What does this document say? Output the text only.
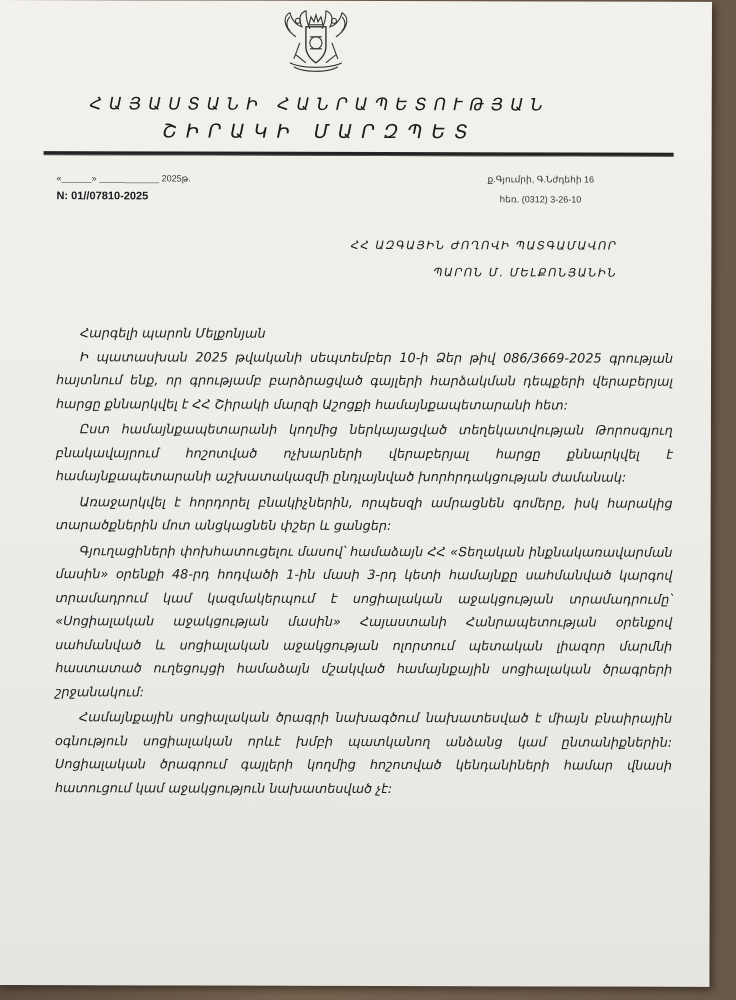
ՀԱՅԱՍՏԱՆԻ ՀԱՆՐԱՊԵՏՈՒԹՅԱՆ
ՇԻՐԱԿԻ ՄԱՐԶՊԵՏ
«______» ____________ 2025թ.	ք.Գյումրի, Գ.Նժդեհի 16
N: 01//07810-2025	հեռ. (0312) 3-26-10
ՀՀ ԱԶԳԱՅԻՆ ԺՈՂՈՎԻ ՊԱՏԳԱՄԱՎՈՐ
ՊԱՐՈՆ Մ. ՄԵԼՔՈՆՅԱՆԻՆ

Հարգելի պարոն Մելքոնյան

Ի պատասխան 2025 թվականի սեպտեմբեր 10-ի Ձեր թիվ 086/3669-2025 գրության հայտնում ենք, որ գրությամբ բարձրացված գայլերի հարձակման դեպքերի վերաբերյալ հարցը քննարկվել է ՀՀ Շիրակի մարզի Աշոցքի համայնքապետարանի հետ:

Ըստ համայնքապետարանի կողմից ներկայացված տեղեկատվության Թորոսգյուղ բնակավայրում հոշոտված ոչխարների վերաբերյալ հարցը քննարկվել է համայնքապետարանի աշխատակազմի ընդլայնված խորհրդակցության ժամանակ:

Առաջարկվել է հորդորել բնակիչներին, որպեսզի ամրացնեն գոմերը, իսկ հարակից տարածքներին մոտ անցկացնեն փշեր և ցանցեր:

Գյուղացիների փոխհատուցելու մասով՝ համաձայն ՀՀ «Տեղական ինքնակառավարման մասին» օրենքի 48-րդ հոդվածի 1-ին մասի 3-րդ կետի համայնքը սահմանված կարգով տրամադրում կամ կազմակերպում է սոցիալական աջակցության տրամադրումը՝ «Սոցիալական աջակցության մասին» Հայաստանի Հանրապետության օրենքով սահմանված և սոցիալական աջակցության ոլորտում պետական լիազոր մարմնի հաստատած ուղեցույցի համաձայն մշակված համայնքային սոցիալական ծրագրերի շրջանակում:

Համայնքային սոցիալական ծրագրի նախագծում նախատեսված է միայն բնաիրային օգնություն սոցիալական որևէ խմբի պատկանող անձանց կամ ընտանիքներին: Սոցիալական ծրագրում գայլերի կողմից հոշոտված կենդանիների համար վնասի հատուցում կամ աջակցություն նախատեսված չէ:
